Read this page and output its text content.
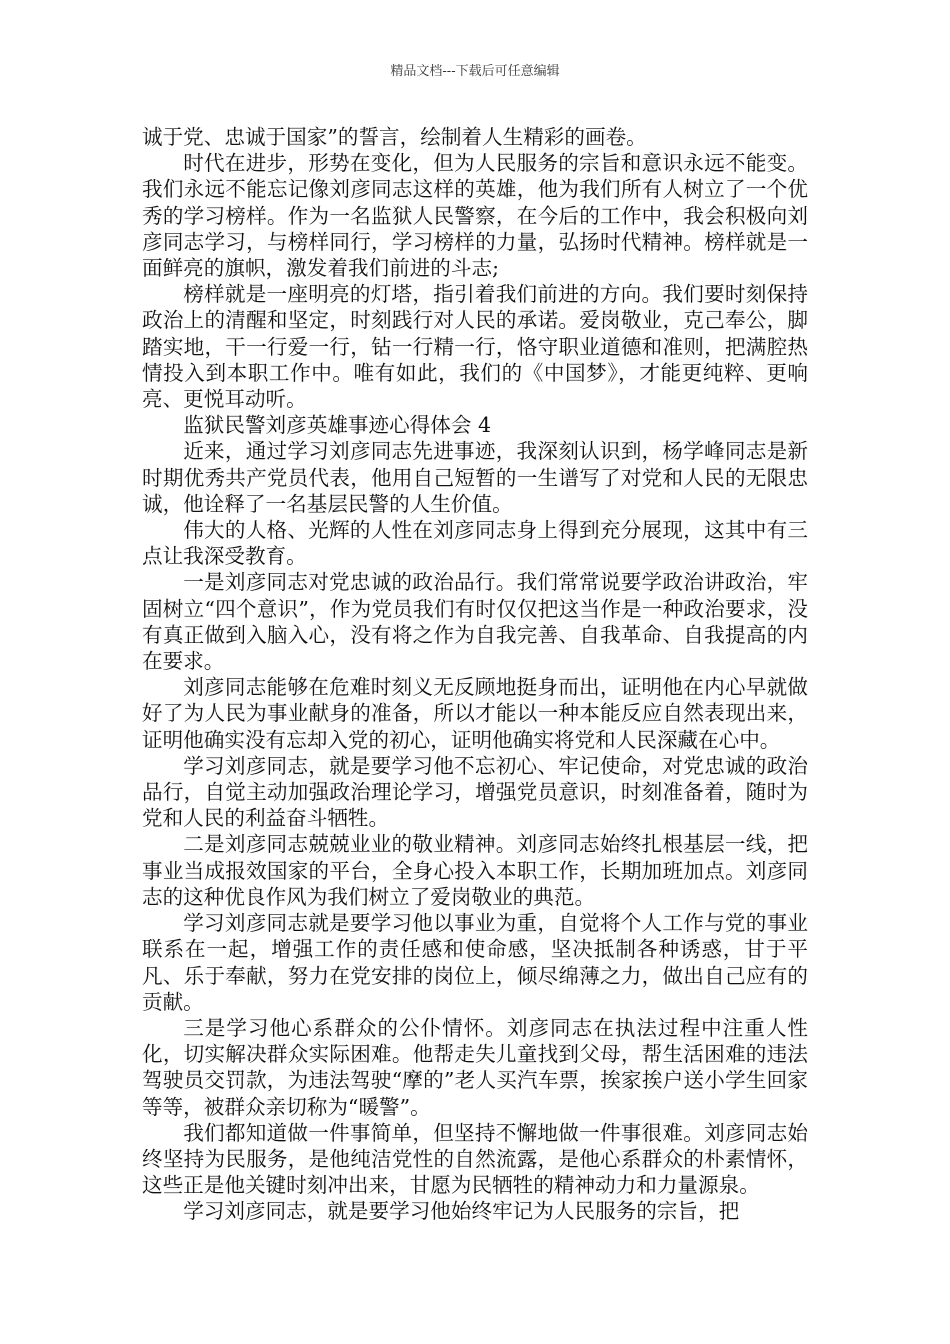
精品文档---下载后可任意编辑

诚于党、忠诚于国家”的誓言，绘制着人生精彩的画卷。

时代在进步，形势在变化，但为人民服务的宗旨和意识永远不能变。我们永远不能忘记像刘彦同志这样的英雄，他为我们所有人树立了一个优秀的学习榜样。作为一名监狱人民警察，在今后的工作中，我会积极向刘彦同志学习，与榜样同行，学习榜样的力量，弘扬时代精神。榜样就是一面鲜亮的旗帜，激发着我们前进的斗志;

榜样就是一座明亮的灯塔，指引着我们前进的方向。我们要时刻保持政治上的清醒和坚定，时刻践行对人民的承诺。爱岗敬业，克己奉公，脚踏实地，干一行爱一行，钻一行精一行，恪守职业道德和准则，把满腔热情投入到本职工作中。唯有如此，我们的《中国梦》，才能更纯粹、更响亮、更悦耳动听。

监狱民警刘彦英雄事迹心得体会 4

近来，通过学习刘彦同志先进事迹，我深刻认识到，杨学峰同志是新时期优秀共产党员代表，他用自己短暂的一生谱写了对党和人民的无限忠诚，他诠释了一名基层民警的人生价值。

伟大的人格、光辉的人性在刘彦同志身上得到充分展现，这其中有三点让我深受教育。

一是刘彦同志对党忠诚的政治品行。我们常常说要学政治讲政治，牢固树立“四个意识”，作为党员我们有时仅仅把这当作是一种政治要求，没有真正做到入脑入心，没有将之作为自我完善、自我革命、自我提高的内在要求。

刘彦同志能够在危难时刻义无反顾地挺身而出，证明他在内心早就做好了为人民为事业献身的准备，所以才能以一种本能反应自然表现出来，证明他确实没有忘却入党的初心，证明他确实将党和人民深藏在心中。

学习刘彦同志，就是要学习他不忘初心、牢记使命，对党忠诚的政治品行，自觉主动加强政治理论学习，增强党员意识，时刻准备着，随时为党和人民的利益奋斗牺牲。

二是刘彦同志兢兢业业的敬业精神。刘彦同志始终扎根基层一线，把事业当成报效国家的平台，全身心投入本职工作，长期加班加点。刘彦同志的这种优良作风为我们树立了爱岗敬业的典范。

学习刘彦同志就是要学习他以事业为重，自觉将个人工作与党的事业联系在一起，增强工作的责任感和使命感，坚决抵制各种诱惑，甘于平凡、乐于奉献，努力在党安排的岗位上，倾尽绵薄之力，做出自己应有的贡献。

三是学习他心系群众的公仆情怀。刘彦同志在执法过程中注重人性化，切实解决群众实际困难。他帮走失儿童找到父母，帮生活困难的违法驾驶员交罚款，为违法驾驶“摩的”老人买汽车票，挨家挨户送小学生回家等等，被群众亲切称为“暖警”。

我们都知道做一件事简单，但坚持不懈地做一件事很难。刘彦同志始终坚持为民服务，是他纯洁党性的自然流露，是他心系群众的朴素情怀，这些正是他关键时刻冲出来，甘愿为民牺牲的精神动力和力量源泉。

学习刘彦同志，就是要学习他始终牢记为人民服务的宗旨，把
